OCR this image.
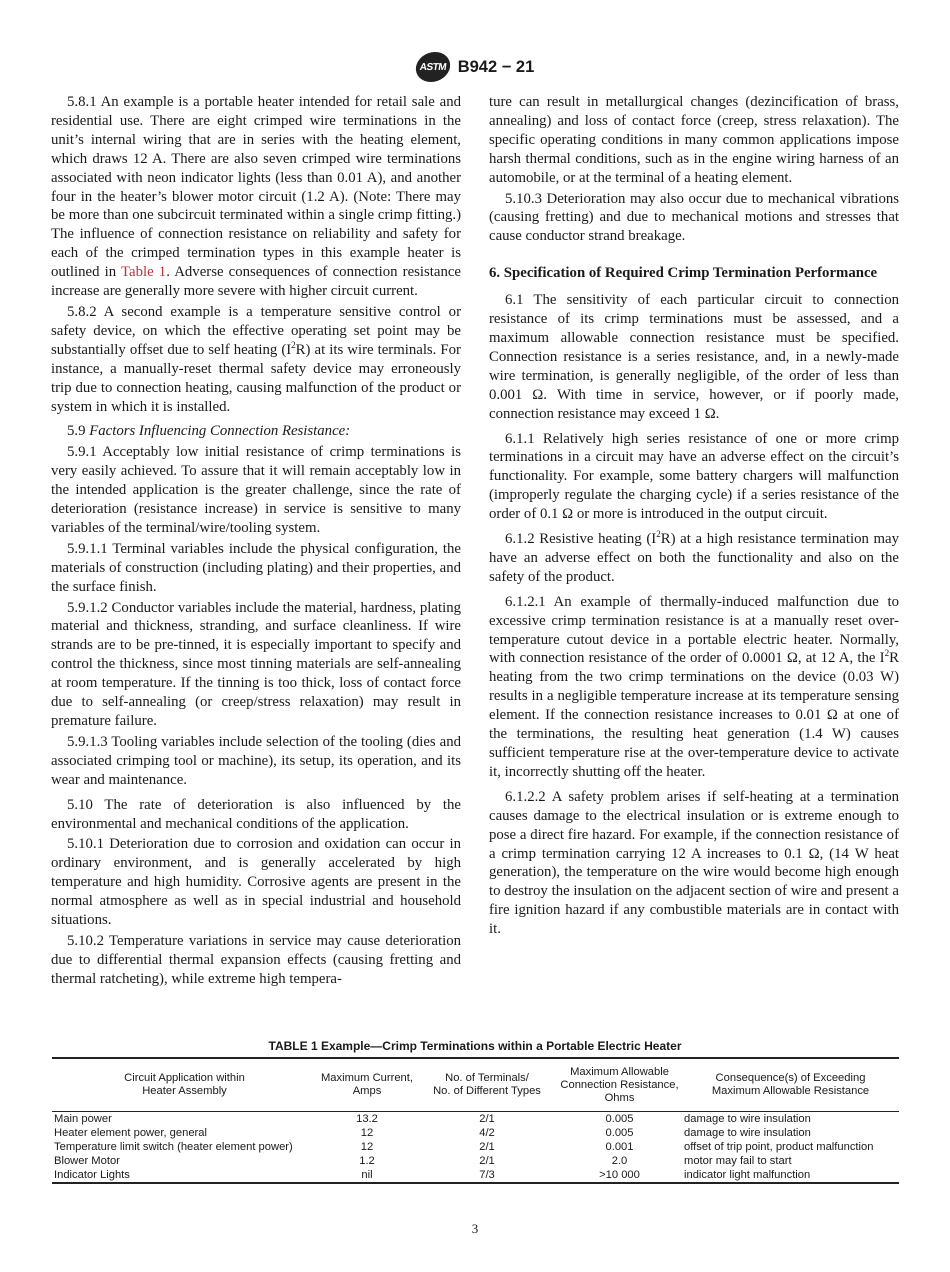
ASTM B942 − 21

5.8.1 An example is a portable heater intended for retail sale and residential use. There are eight crimped wire terminations in the unit’s internal wiring that are in series with the heating element, which draws 12 A. There are also seven crimped wire terminations associated with neon indicator lights (less than 0.01 A), and another four in the heater’s blower motor circuit (1.2 A). (Note: There may be more than one subcircuit terminated within a single crimp fitting.) The influence of connection resistance on reliability and safety for each of the crimped termination types in this example heater is outlined in Table 1. Adverse consequences of connection resistance increase are generally more severe with higher circuit current.

5.8.2 A second example is a temperature sensitive control or safety device, on which the effective operating set point may be substantially offset due to self heating $(I^2R)$ at its wire terminals. For instance, a manually-reset thermal safety device may erroneously trip due to connection heating, causing malfunction of the product or system in which it is installed.

5.9 Factors Influencing Connection Resistance:

5.9.1 Acceptably low initial resistance of crimp terminations is very easily achieved. To assure that it will remain acceptably low in the intended application is the greater challenge, since the rate of deterioration (resistance increase) in service is sensitive to many variables of the terminal/wire/tooling system.

5.9.1.1 Terminal variables include the physical configuration, the materials of construction (including plating) and their properties, and the surface finish.

5.9.1.2 Conductor variables include the material, hardness, plating material and thickness, stranding, and surface cleanliness. If wire strands are to be pre-tinned, it is especially important to specify and control the thickness, since most tinning materials are self-annealing at room temperature. If the tinning is too thick, loss of contact force due to self-annealing (or creep/stress relaxation) may result in premature failure.

5.9.1.3 Tooling variables include selection of the tooling (dies and associated crimping tool or machine), its setup, its operation, and its wear and maintenance.

5.10 The rate of deterioration is also influenced by the environmental and mechanical conditions of the application.

5.10.1 Deterioration due to corrosion and oxidation can occur in ordinary environment, and is generally accelerated by high temperature and high humidity. Corrosive agents are present in the normal atmosphere as well as in special industrial and household situations.

5.10.2 Temperature variations in service may cause deterioration due to differential thermal expansion effects (causing fretting and thermal ratcheting), while extreme high tempera-

ture can result in metallurgical changes (dezincification of brass, annealing) and loss of contact force (creep, stress relaxation). The specific operating conditions in many common applications impose harsh thermal conditions, such as in the engine wiring harness of an automobile, or at the terminal of a heating element.

5.10.3 Deterioration may also occur due to mechanical vibrations (causing fretting) and due to mechanical motions and stresses that cause conductor strand breakage.

6. Specification of Required Crimp Termination Performance

6.1 The sensitivity of each particular circuit to connection resistance of its crimp terminations must be assessed, and a maximum allowable connection resistance must be specified. Connection resistance is a series resistance, and, in a newly-made wire termination, is generally negligible, of the order of less than 0.001 Ω. With time in service, however, or if poorly made, connection resistance may exceed 1 Ω.

6.1.1 Relatively high series resistance of one or more crimp terminations in a circuit may have an adverse effect on the circuit’s functionality. For example, some battery chargers will malfunction (improperly regulate the charging cycle) if a series resistance of the order of 0.1 Ω or more is introduced in the output circuit.

6.1.2 Resistive heating $(I^2R)$ at a high resistance termination may have an adverse effect on both the functionality and also on the safety of the product.

6.1.2.1 An example of thermally-induced malfunction due to excessive crimp termination resistance is at a manually reset over-temperature cutout device in a portable electric heater. Normally, with connection resistance of the order of 0.0001 Ω, at 12 A, the $I^2R$ heating from the two crimp terminations on the device (0.03 W) results in a negligible temperature increase at its temperature sensing element. If the connection resistance increases to 0.01 Ω at one of the terminations, the resulting heat generation (1.4 W) causes sufficient temperature rise at the over-temperature device to activate it, incorrectly shutting off the heater.

6.1.2.2 A safety problem arises if self-heating at a termination causes damage to the electrical insulation or is extreme enough to pose a direct fire hazard. For example, if the connection resistance of a crimp termination carrying 12 A increases to 0.1 Ω, (14 W heat generation), the temperature on the wire would become high enough to destroy the insulation on the adjacent section of wire and present a fire ignition hazard if any combustible materials are in contact with it.

TABLE 1 Example—Crimp Terminations within a Portable Electric Heater
Circuit Application within
Heater Assembly	Maximum Current,
Amps	No. of Terminals/
No. of Different Types	Maximum Allowable
Connection Resistance,
Ohms	Consequence(s) of Exceeding
Maximum Allowable Resistance
Main power	13.2	2/1	0.005	damage to wire insulation
Heater element power, general	12	4/2	0.005	damage to wire insulation
Temperature limit switch (heater element power)	12	2/1	0.001	offset of trip point, product malfunction
Blower Motor	1.2	2/1	2.0	motor may fail to start
Indicator Lights	nil	7/3	>10 000	indicator light malfunction
3
